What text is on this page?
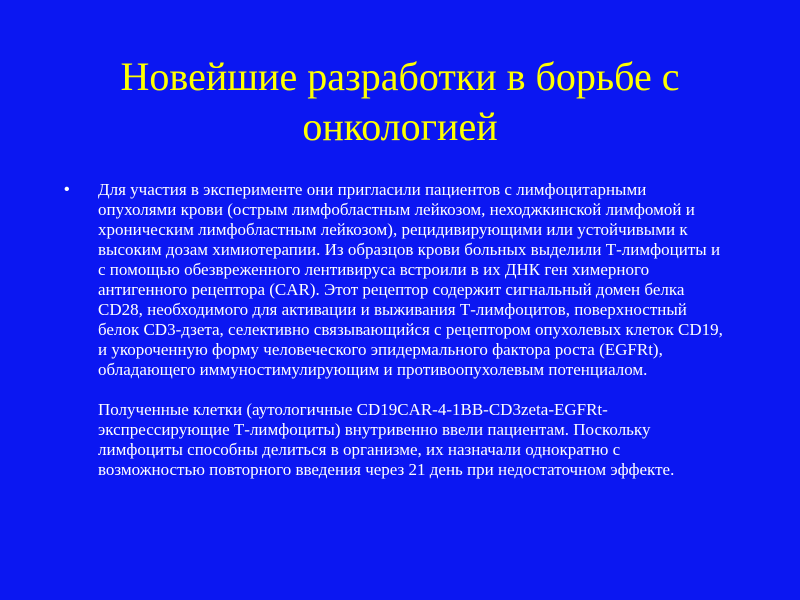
Новейшие разработки в борьбе с онкологией
• Для участия в эксперименте они пригласили пациентов с лимфоцитарными опухолями крови (острым лимфобластным лейкозом, неходжкинской лимфомой и хроническим лимфобластным лейкозом), рецидивирующими или устойчивыми к высоким дозам химиотерапии. Из образцов крови больных выделили Т-лимфоциты и с помощью обезвреженного лентивируса встроили в их ДНК ген химерного антигенного рецептора (CAR). Этот рецептор содержит сигнальный домен белка CD28, необходимого для активации и выживания Т-лимфоцитов, поверхностный белок CD3-дзета, селективно связывающийся с рецептором опухолевых клеток CD19, и укороченную форму человеческого эпидермального фактора роста (EGFRt), обладающего иммуностимулирующим и противоопухолевым потенциалом.
Полученные клетки (аутологичные CD19CAR-4-1BB-CD3zeta-EGFRt-экспрессирующие Т-лимфоциты) внутривенно ввели пациентам. Поскольку лимфоциты способны делиться в организме, их назначали однократно с возможностью повторного введения через 21 день при недостаточном эффекте.
